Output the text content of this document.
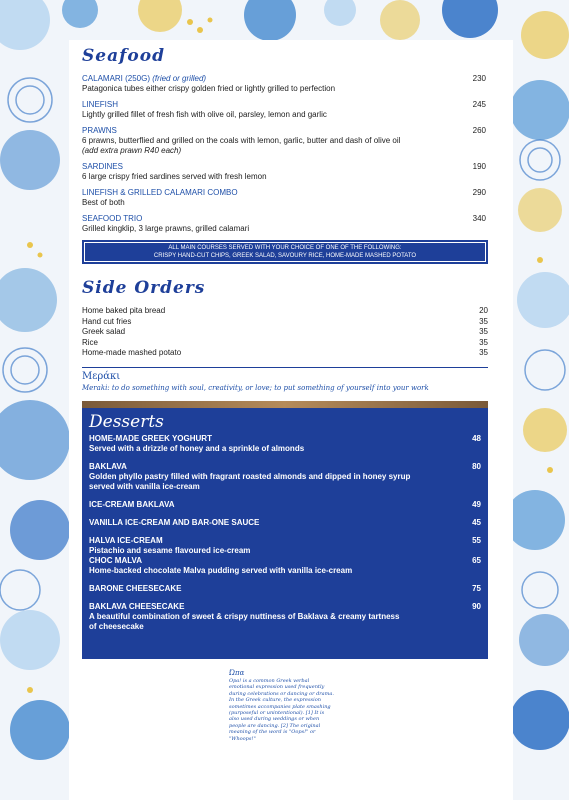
Seafood
CALAMARI (250G) (fried or grilled)	230
Patagonica tubes either crispy golden fried or lightly grilled to perfection
LINEFISH	245
Lightly grilled fillet of fresh fish with olive oil, parsley, lemon and garlic
PRAWNS	260
6 prawns, butterflied and grilled on the coals with lemon, garlic, butter and dash of olive oil
(add extra prawn R40 each)
SARDINES	190
6 large crispy fried sardines served with fresh lemon
LINEFISH & GRILLED CALAMARI COMBO	290
Best of both
SEAFOOD TRIO	340
Grilled kingklip, 3 large prawns, grilled calamari
ALL MAIN COURSES SERVED WITH YOUR CHOICE OF ONE OF THE FOLLOWING:
CRISPY HAND-CUT CHIPS, GREEK SALAD, SAVOURY RICE, HOME-MADE MASHED POTATO
Side Orders
Home baked pita bread	20
Hand cut fries	35
Greek salad	35
Rice	35
Home-made mashed potato	35
Μεράκι
Meraki: to do something with soul, creativity, or love; to put something of yourself into your work
Desserts
HOME-MADE GREEK YOGHURT	48
Served with a drizzle of honey and a sprinkle of almonds
BAKLAVA	80
Golden phyllo pastry filled with fragrant roasted almonds and dipped in honey syrup served with vanilla ice-cream
ICE-CREAM BAKLAVA	49
VANILLA ICE-CREAM AND BAR-ONE SAUCE	45
HALVA ICE-CREAM	55
Pistachio and sesame flavoured ice-cream
CHOC MALVA	65
Home-backed chocolate Malva pudding served with vanilla ice-cream
BARONE CHEESECAKE	75
BAKLAVA CHEESECAKE	90
A beautiful combination of sweet & crispy nuttiness of Baklava & creamy tartness of cheesecake
Ώπα
Opa! is a common Greek verbal emotional expression used frequently during celebrations or dancing or drama. In the Greek culture, the expression sometimes accompanies plate smashing (purposeful or unintentional). [1] It is also used during weddings or when people are dancing. [2] The original meaning of the word is "Oops!" or "Whoops!"
